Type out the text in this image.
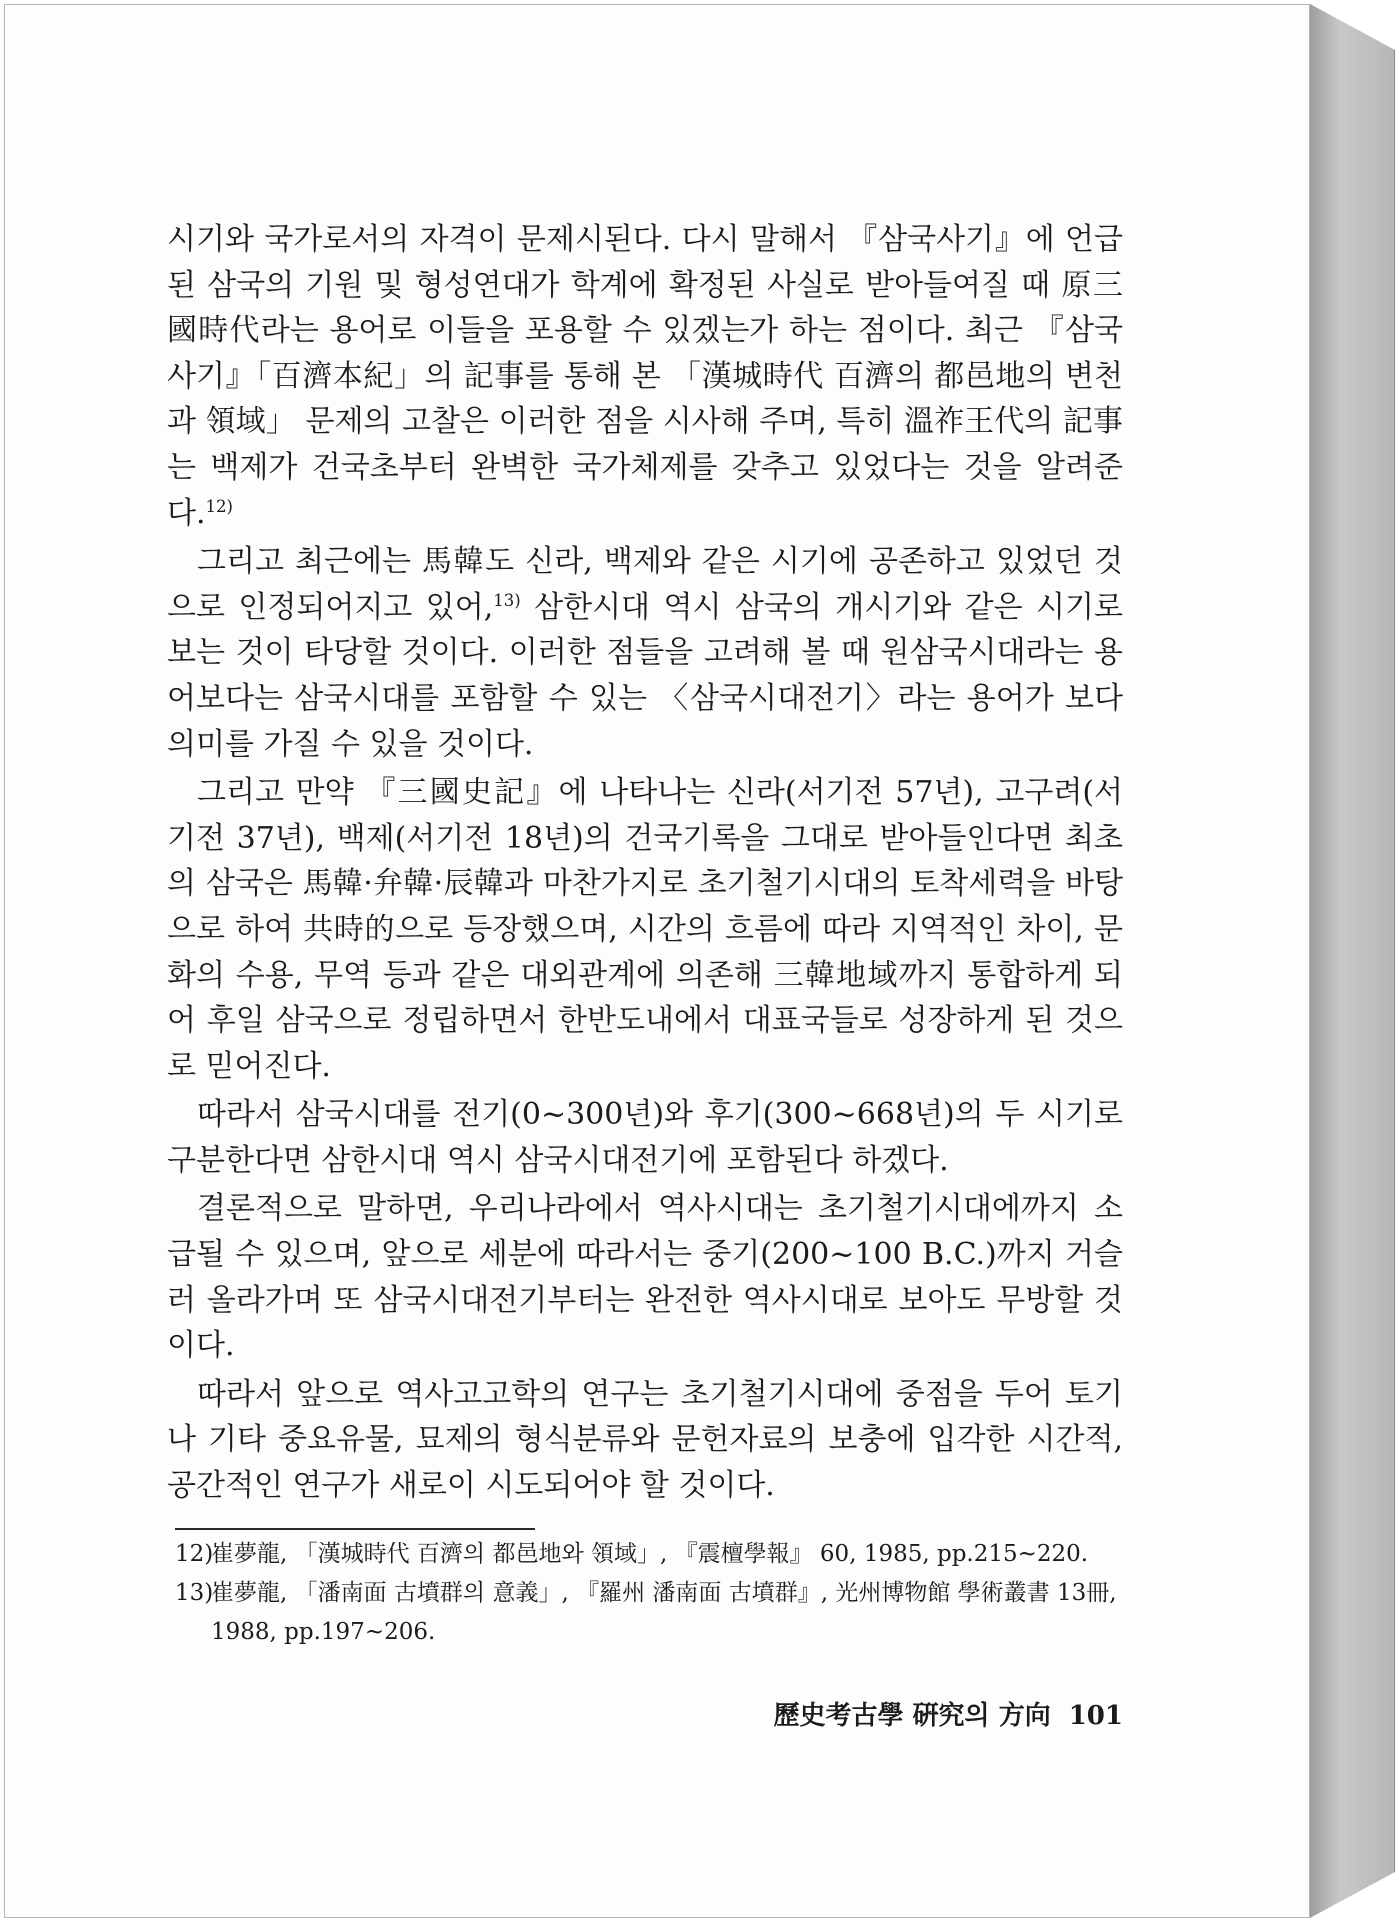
시기와 국가로서의 자격이 문제시된다. 다시 말해서 『삼국사기』에 언급된 삼국의 기원 및 형성연대가 학계에 확정된 사실로 받아들여질 때 原三國時代라는 용어로 이들을 포용할 수 있겠는가 하는 점이다. 최근 『삼국사기』「百濟本紀」의 記事를 통해 본 「漢城時代 百濟의 都邑地의 변천과 領域」 문제의 고찰은 이러한 점을 시사해 주며, 특히 溫祚王代의 記事는 백제가 건국초부터 완벽한 국가체제를 갖추고 있었다는 것을 알려준다.$^{12)}$

그리고 최근에는 馬韓도 신라, 백제와 같은 시기에 공존하고 있었던 것으로 인정되어지고 있어,$^{13)}$ 삼한시대 역시 삼국의 개시기와 같은 시기로 보는 것이 타당할 것이다. 이러한 점들을 고려해 볼 때 원삼국시대라는 용어보다는 삼국시대를 포함할 수 있는 〈삼국시대전기〉라는 용어가 보다 의미를 가질 수 있을 것이다.

그리고 만약 『三國史記』에 나타나는 신라(서기전 57년), 고구려(서기전 37년), 백제(서기전 18년)의 건국기록을 그대로 받아들인다면 최초의 삼국은 馬韓·弁韓·辰韓과 마찬가지로 초기철기시대의 토착세력을 바탕으로 하여 共時的으로 등장했으며, 시간의 흐름에 따라 지역적인 차이, 문화의 수용, 무역 등과 같은 대외관계에 의존해 三韓地域까지 통합하게 되어 후일 삼국으로 정립하면서 한반도내에서 대표국들로 성장하게 된 것으로 믿어진다.

따라서 삼국시대를 전기(0~300년)와 후기(300~668년)의 두 시기로 구분한다면 삼한시대 역시 삼국시대전기에 포함된다 하겠다.

결론적으로 말하면, 우리나라에서 역사시대는 초기철기시대에까지 소급될 수 있으며, 앞으로 세분에 따라서는 중기(200~100 B.C.)까지 거슬러 올라가며 또 삼국시대전기부터는 완전한 역사시대로 보아도 무방할 것이다.

따라서 앞으로 역사고고학의 연구는 초기철기시대에 중점을 두어 토기나 기타 중요유물, 묘제의 형식분류와 문헌자료의 보충에 입각한 시간적, 공간적인 연구가 새로이 시도되어야 할 것이다.

12)
崔夢龍, 「漢城時代 百濟의 都邑地와 領域」, 『震檀學報』 60, 1985, pp.215~220.
13)
崔夢龍, 「潘南面 古墳群의 意義」, 『羅州 潘南面 古墳群』, 光州博物館 學術叢書 13冊, 1988, pp.197~206.
歷史考古學 硏究의 方向 101
